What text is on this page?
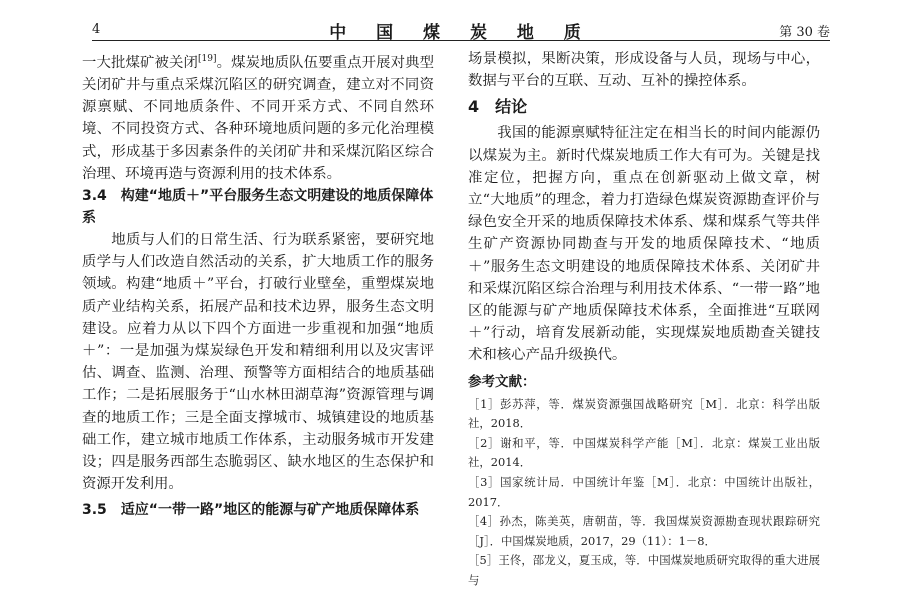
4	中 国 煤 炭 地 质	第 30 卷

一大批煤矿被关闭[19]。煤炭地质队伍要重点开展对典型关闭矿井与重点采煤沉陷区的研究调查，建立对不同资源禀赋、不同地质条件、不同开采方式、不同自然环境、不同投资方式、各种环境地质问题的多元化治理模式，形成基于多因素条件的关闭矿井和采煤沉陷区综合治理、环境再造与资源利用的技术体系。

3.4　构建“地质＋”平台服务生态文明建设的地质保障体系

地质与人们的日常生活、行为联系紧密，要研究地质学与人们改造自然活动的关系，扩大地质工作的服务领域。构建“地质＋”平台，打破行业壁垒，重塑煤炭地质产业结构关系，拓展产品和技术边界，服务生态文明建设。应着力从以下四个方面进一步重视和加强“地质＋”：一是加强为煤炭绿色开发和精细利用以及灾害评估、调查、监测、治理、预警等方面相结合的地质基础工作；二是拓展服务于“山水林田湖草海”资源管理与调查的地质工作；三是全面支撑城市、城镇建设的地质基础工作，建立城市地质工作体系，主动服务城市开发建设；四是服务西部生态脆弱区、缺水地区的生态保护和资源开发利用。

3.5　适应“一带一路”地区的能源与矿产地质保障体系

场景模拟，果断决策，形成设备与人员，现场与中心，数据与平台的互联、互动、互补的操控体系。

4　结论

我国的能源禀赋特征注定在相当长的时间内能源仍以煤炭为主。新时代煤炭地质工作大有可为。关键是找准定位，把握方向，重点在创新驱动上做文章，树立“大地质”的理念，着力打造绿色煤炭资源勘查评价与绿色安全开采的地质保障技术体系、煤和煤系气等共伴生矿产资源协同勘查与开发的地质保障技术、“地质＋”服务生态文明建设的地质保障技术体系、关闭矿井和采煤沉陷区综合治理与利用技术体系、“一带一路”地区的能源与矿产地质保障技术体系，全面推进“互联网＋”行动，培育发展新动能，实现煤炭地质勘查关键技术和核心产品升级换代。

参考文献：

［1］彭苏萍，等．煤炭资源强国战略研究［M］．北京：科学出版社，2018．

［2］谢和平，等．中国煤炭科学产能［M］．北京：煤炭工业出版社，2014．

［3］国家统计局．中国统计年鉴［M］．北京：中国统计出版社，2017．

［4］孙杰，陈美英，唐朝苗，等．我国煤炭资源勘查现状跟踪研究［J］．中国煤炭地质，2017，29（11）：1－8．

［5］王佟，邵龙义，夏玉成，等．中国煤炭地质研究取得的重大进展与
